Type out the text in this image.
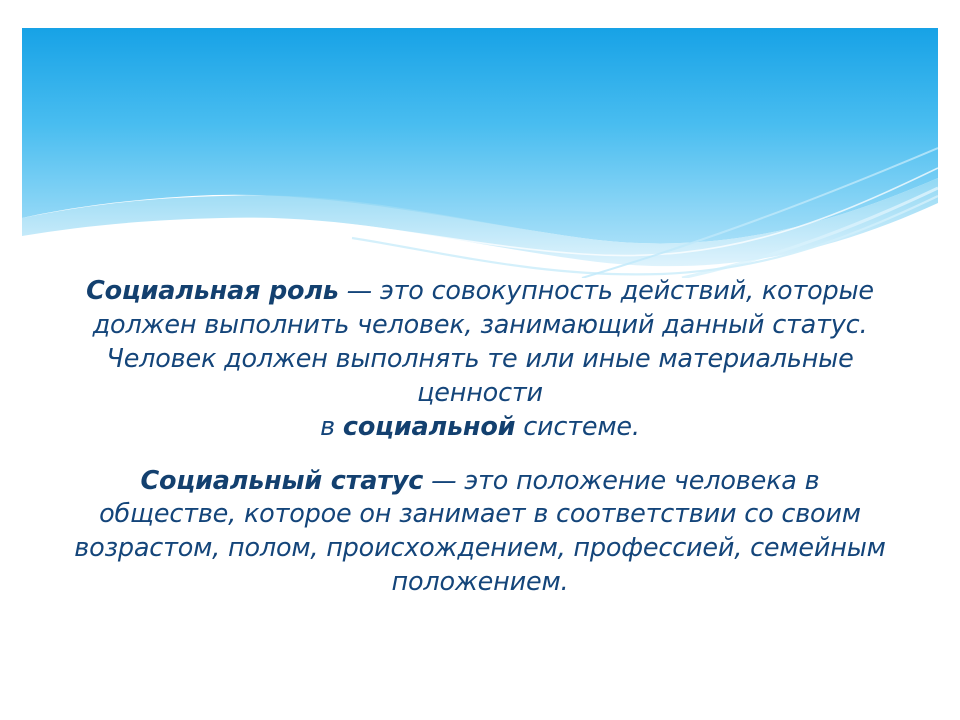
Социальная роль — это совокупность действий, которые должен выполнить человек, занимающий данный статус. Человек должен выполнять те или иные материальные ценности
в социальной системе.

Социальный статус — это положение человека в обществе, которое он занимает в соответствии со своим возрастом, полом, происхождением, профессией, семейным положением.
